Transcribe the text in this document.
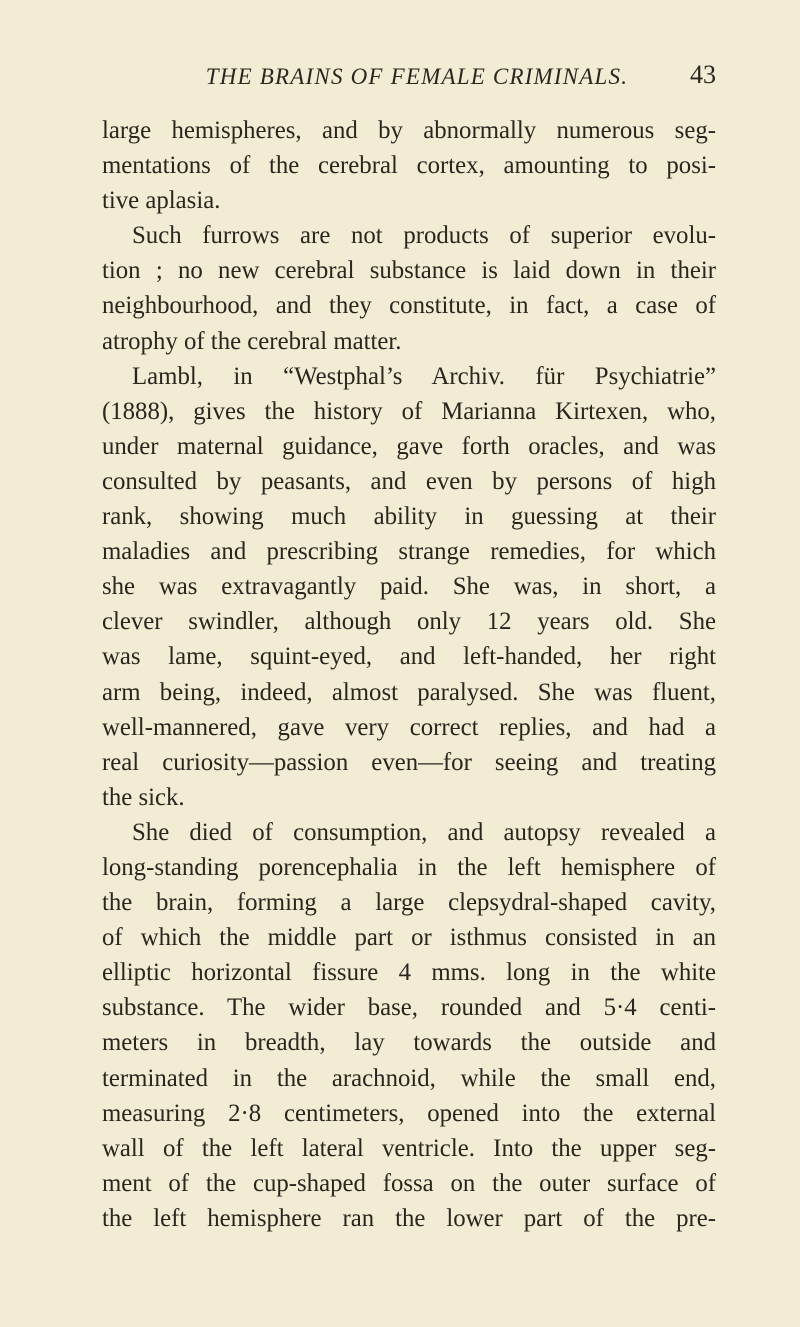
THE BRAINS OF FEMALE CRIMINALS.	43
large hemispheres, and by abnormally numerous seg-
mentations of the cerebral cortex, amounting to posi-
tive aplasia.
Such furrows are not products of superior evolu-
tion ; no new cerebral substance is laid down in their
neighbourhood, and they constitute, in fact, a case of
atrophy of the cerebral matter.
Lambl, in “Westphal’s Archiv. für Psychiatrie”
(1888), gives the history of Marianna Kirtexen, who,
under maternal guidance, gave forth oracles, and was
consulted by peasants, and even by persons of high
rank, showing much ability in guessing at their
maladies and prescribing strange remedies, for which
she was extravagantly paid. She was, in short, a
clever swindler, although only 12 years old. She
was lame, squint-eyed, and left-handed, her right
arm being, indeed, almost paralysed. She was fluent,
well-mannered, gave very correct replies, and had a
real curiosity—passion even—for seeing and treating
the sick.
She died of consumption, and autopsy revealed a
long-standing porencephalia in the left hemisphere of
the brain, forming a large clepsydral-shaped cavity,
of which the middle part or isthmus consisted in an
elliptic horizontal fissure 4 mms. long in the white
substance. The wider base, rounded and 5·4 centi-
meters in breadth, lay towards the outside and
terminated in the arachnoid, while the small end,
measuring 2·8 centimeters, opened into the external
wall of the left lateral ventricle. Into the upper seg-
ment of the cup-shaped fossa on the outer surface of
the left hemisphere ran the lower part of the pre-
